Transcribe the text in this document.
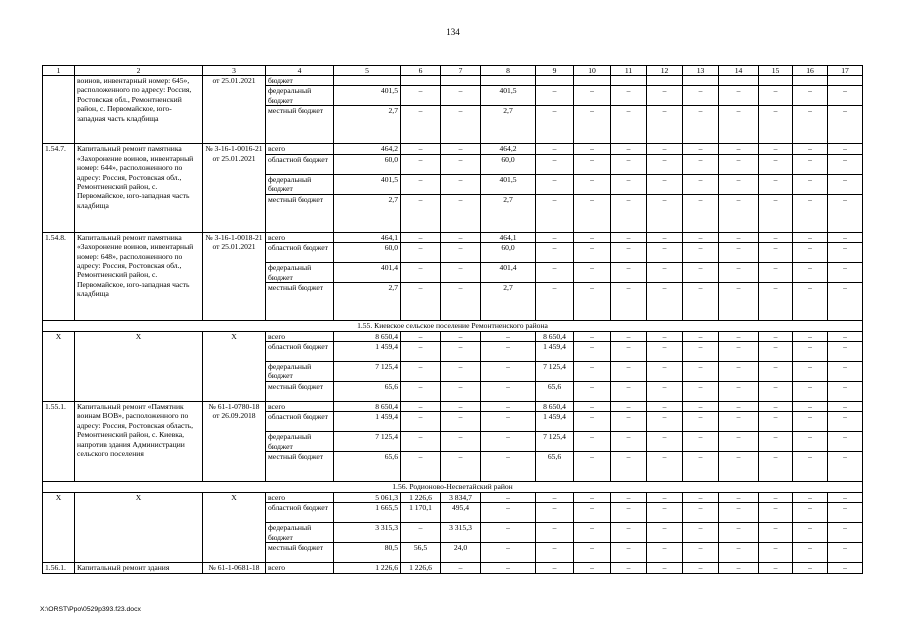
134
1	2	3	4	5	6	7	8	9	10	11	12	13	14	15	16	17
	воинов, инвентарный номер: 645», расположенного по адресу: Россия, Ростовская обл., Ремонтненский район, с. Первомайское, юго-западная часть кладбища	от 25.01.2021	бюджет													
			федеральный бюджет	401,5	–	–	401,5	–	–	–	–	–	–	–	–	–
			местный бюджет	2,7	–	–	2,7	–	–	–	–	–	–	–	–	–
1.54.7.	Капитальный ремонт памятника «Захоронение воинов, инвентарный номер: 644», расположенного по адресу: Россия, Ростовская обл., Ремонтненский район, с. Первомайское, юго-западная часть кладбища	№ 3-16-1-0016-21 от 25.01.2021	всего	464,2	–	–	464,2	–	–	–	–	–	–	–	–	–
			областной бюджет	60,0	–	–	60,0	–	–	–	–	–	–	–	–	–
			федеральный бюджет	401,5	–	–	401,5	–	–	–	–	–	–	–	–	–
			местный бюджет	2,7	–	–	2,7	–	–	–	–	–	–	–	–	–
1.54.8.	Капитальный ремонт памятника «Захоронение воинов, инвентарный номер: 648», расположенного по адресу: Россия, Ростовская обл., Ремонтненский район, с. Первомайское, юго-западная часть кладбища	№ 3-16-1-0018-21 от 25.01.2021	всего	464,1	–	–	464,1	–	–	–	–	–	–	–	–	–
			областной бюджет	60,0	–	–	60,0	–	–	–	–	–	–	–	–	–
			федеральный бюджет	401,4	–	–	401,4	–	–	–	–	–	–	–	–	–
			местный бюджет	2,7	–	–	2,7	–	–	–	–	–	–	–	–	–
1.55. Киевское сельское поселение Ремонтненского района																
Х	Х	Х	всего	8 650,4	–	–	–	8 650,4	–	–	–	–	–	–	–	–
			областной бюджет	1 459,4	–	–	–	1 459,4	–	–	–	–	–	–	–	–
			федеральный бюджет	7 125,4	–	–	–	7 125,4	–	–	–	–	–	–	–	–
			местный бюджет	65,6	–	–	–	65,6	–	–	–	–	–	–	–	–
1.55.1.	Капитальный ремонт «Памятник воинам ВОВ», расположенного по адресу: Россия, Ростовская область, Ремонтненский район, с. Киевка, напротив здания Администрации сельского поселения	№ 61-1-0780-18 от 26.09.2018	всего	8 650,4	–	–	–	8 650,4	–	–	–	–	–	–	–	–
			областной бюджет	1 459,4	–	–	–	1 459,4	–	–	–	–	–	–	–	–
			федеральный бюджет	7 125,4	–	–	–	7 125,4	–	–	–	–	–	–	–	–
			местный бюджет	65,6	–	–	–	65,6	–	–	–	–	–	–	–	–
1.56. Родионово-Несветайский район																
Х	Х	Х	всего	5 061,3	1 226,6	3 834,7	–	–	–	–	–	–	–	–	–	–
			областной бюджет	1 665,5	1 170,1	495,4	–	–	–	–	–	–	–	–	–	–
			федеральный бюджет	3 315,3	–	3 315,3	–	–	–	–	–	–	–	–	–	–
			местный бюджет	80,5	56,5	24,0	–	–	–	–	–	–	–	–	–	–
1.56.1.	Капитальный ремонт здания	№ 61-1-0681-18	всего	1 226,6	1 226,6	–	–	–	–	–	–	–	–	–	–	–
X:\ORST\Ppo\0529p393.f23.docx
